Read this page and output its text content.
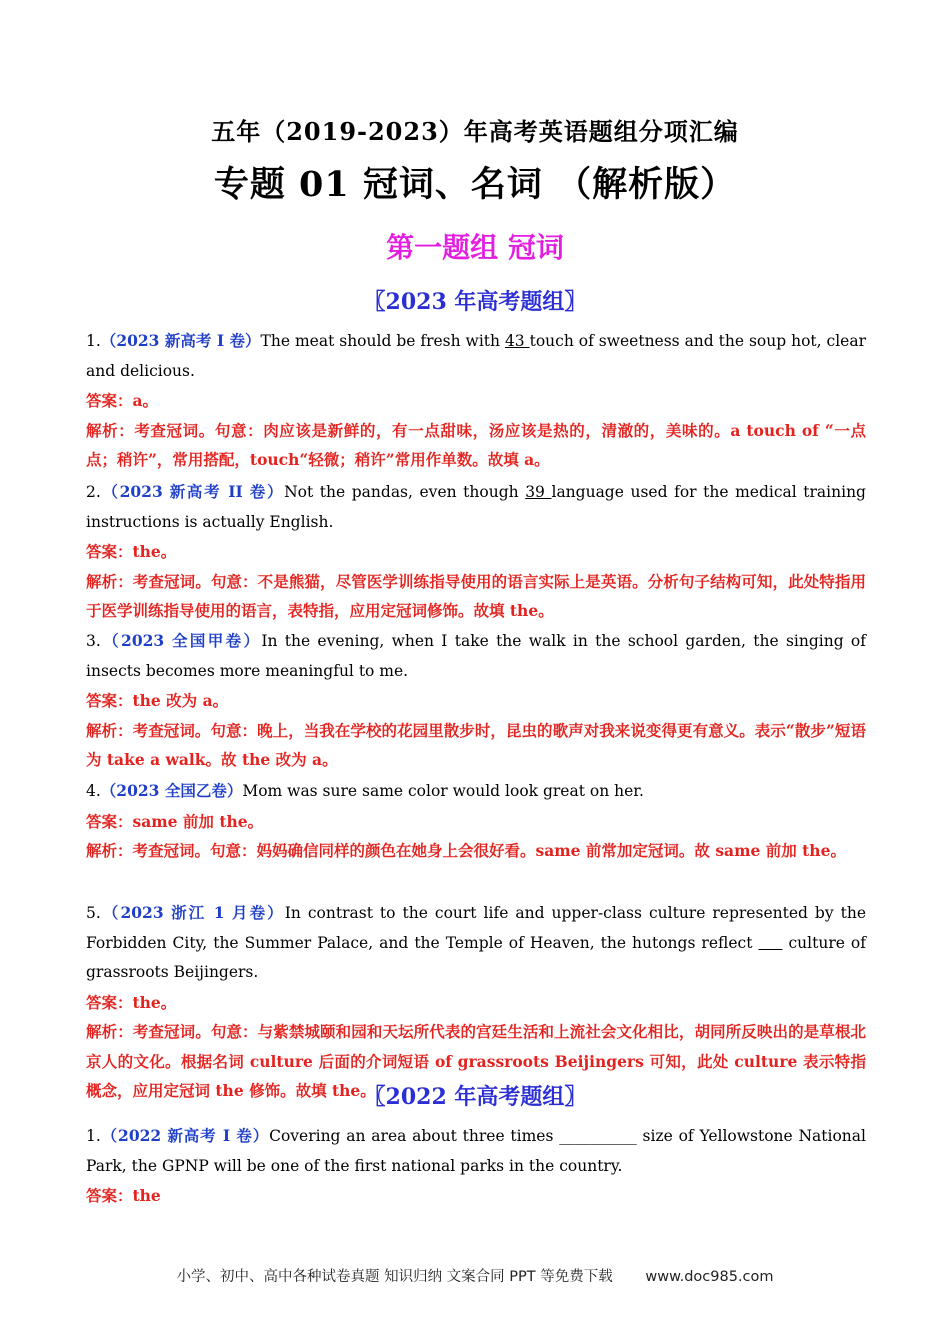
五年（2019-2023）年高考英语题组分项汇编
专题 01 冠词、名词 （解析版）
第一题组 冠词
〖2023 年高考题组〗

1.（2023 新高考 I 卷）The meat should be fresh with 43 touch of sweetness and the soup hot, clear and delicious.

答案：a。

解析：考查冠词。句意：肉应该是新鲜的，有一点甜味，汤应该是热的，清澈的，美味的。a touch of “一点点；稍许”，常用搭配，touch“轻微；稍许”常用作单数。故填 a。

2.（2023 新高考 II 卷）Not the pandas, even though 39 language used for the medical training instructions is actually English.

答案：the。

解析：考查冠词。句意：不是熊猫，尽管医学训练指导使用的语言实际上是英语。分析句子结构可知，此处特指用于医学训练指导使用的语言，表特指，应用定冠词修饰。故填 the。

3.（2023 全国甲卷）In the evening, when I take the walk in the school garden, the singing of insects becomes more meaningful to me.

答案：the 改为 a。

解析：考查冠词。句意：晚上，当我在学校的花园里散步时，昆虫的歌声对我来说变得更有意义。表示“散步”短语为 take a walk。故 the 改为 a。

4.（2023 全国乙卷）Mom was sure same color would look great on her.

答案：same 前加 the。

解析：考查冠词。句意：妈妈确信同样的颜色在她身上会很好看。same 前常加定冠词。故 same 前加 the。

5.（2023 浙江 1 月卷）In contrast to the court life and upper-class culture represented by the Forbidden City, the Summer Palace, and the Temple of Heaven, the hutongs reflect      culture of grassroots Beijingers.

答案：the。

解析：考查冠词。句意：与紫禁城颐和园和天坛所代表的宫廷生活和上流社会文化相比，胡同所反映出的是草根北京人的文化。根据名词 culture 后面的介词短语 of grassroots Beijingers 可知，此处 culture 表示特指概念，应用定冠词 the 修饰。故填 the。

〖2022 年高考题组〗

1.（2022 新高考 I 卷）Covering an area about three times __________ size of Yellowstone National Park, the GPNP will be one of the first national parks in the country.

答案：the

小学、初中、高中各种试卷真题 知识归纳 文案合同 PPT 等免费下载 www.doc985.com
